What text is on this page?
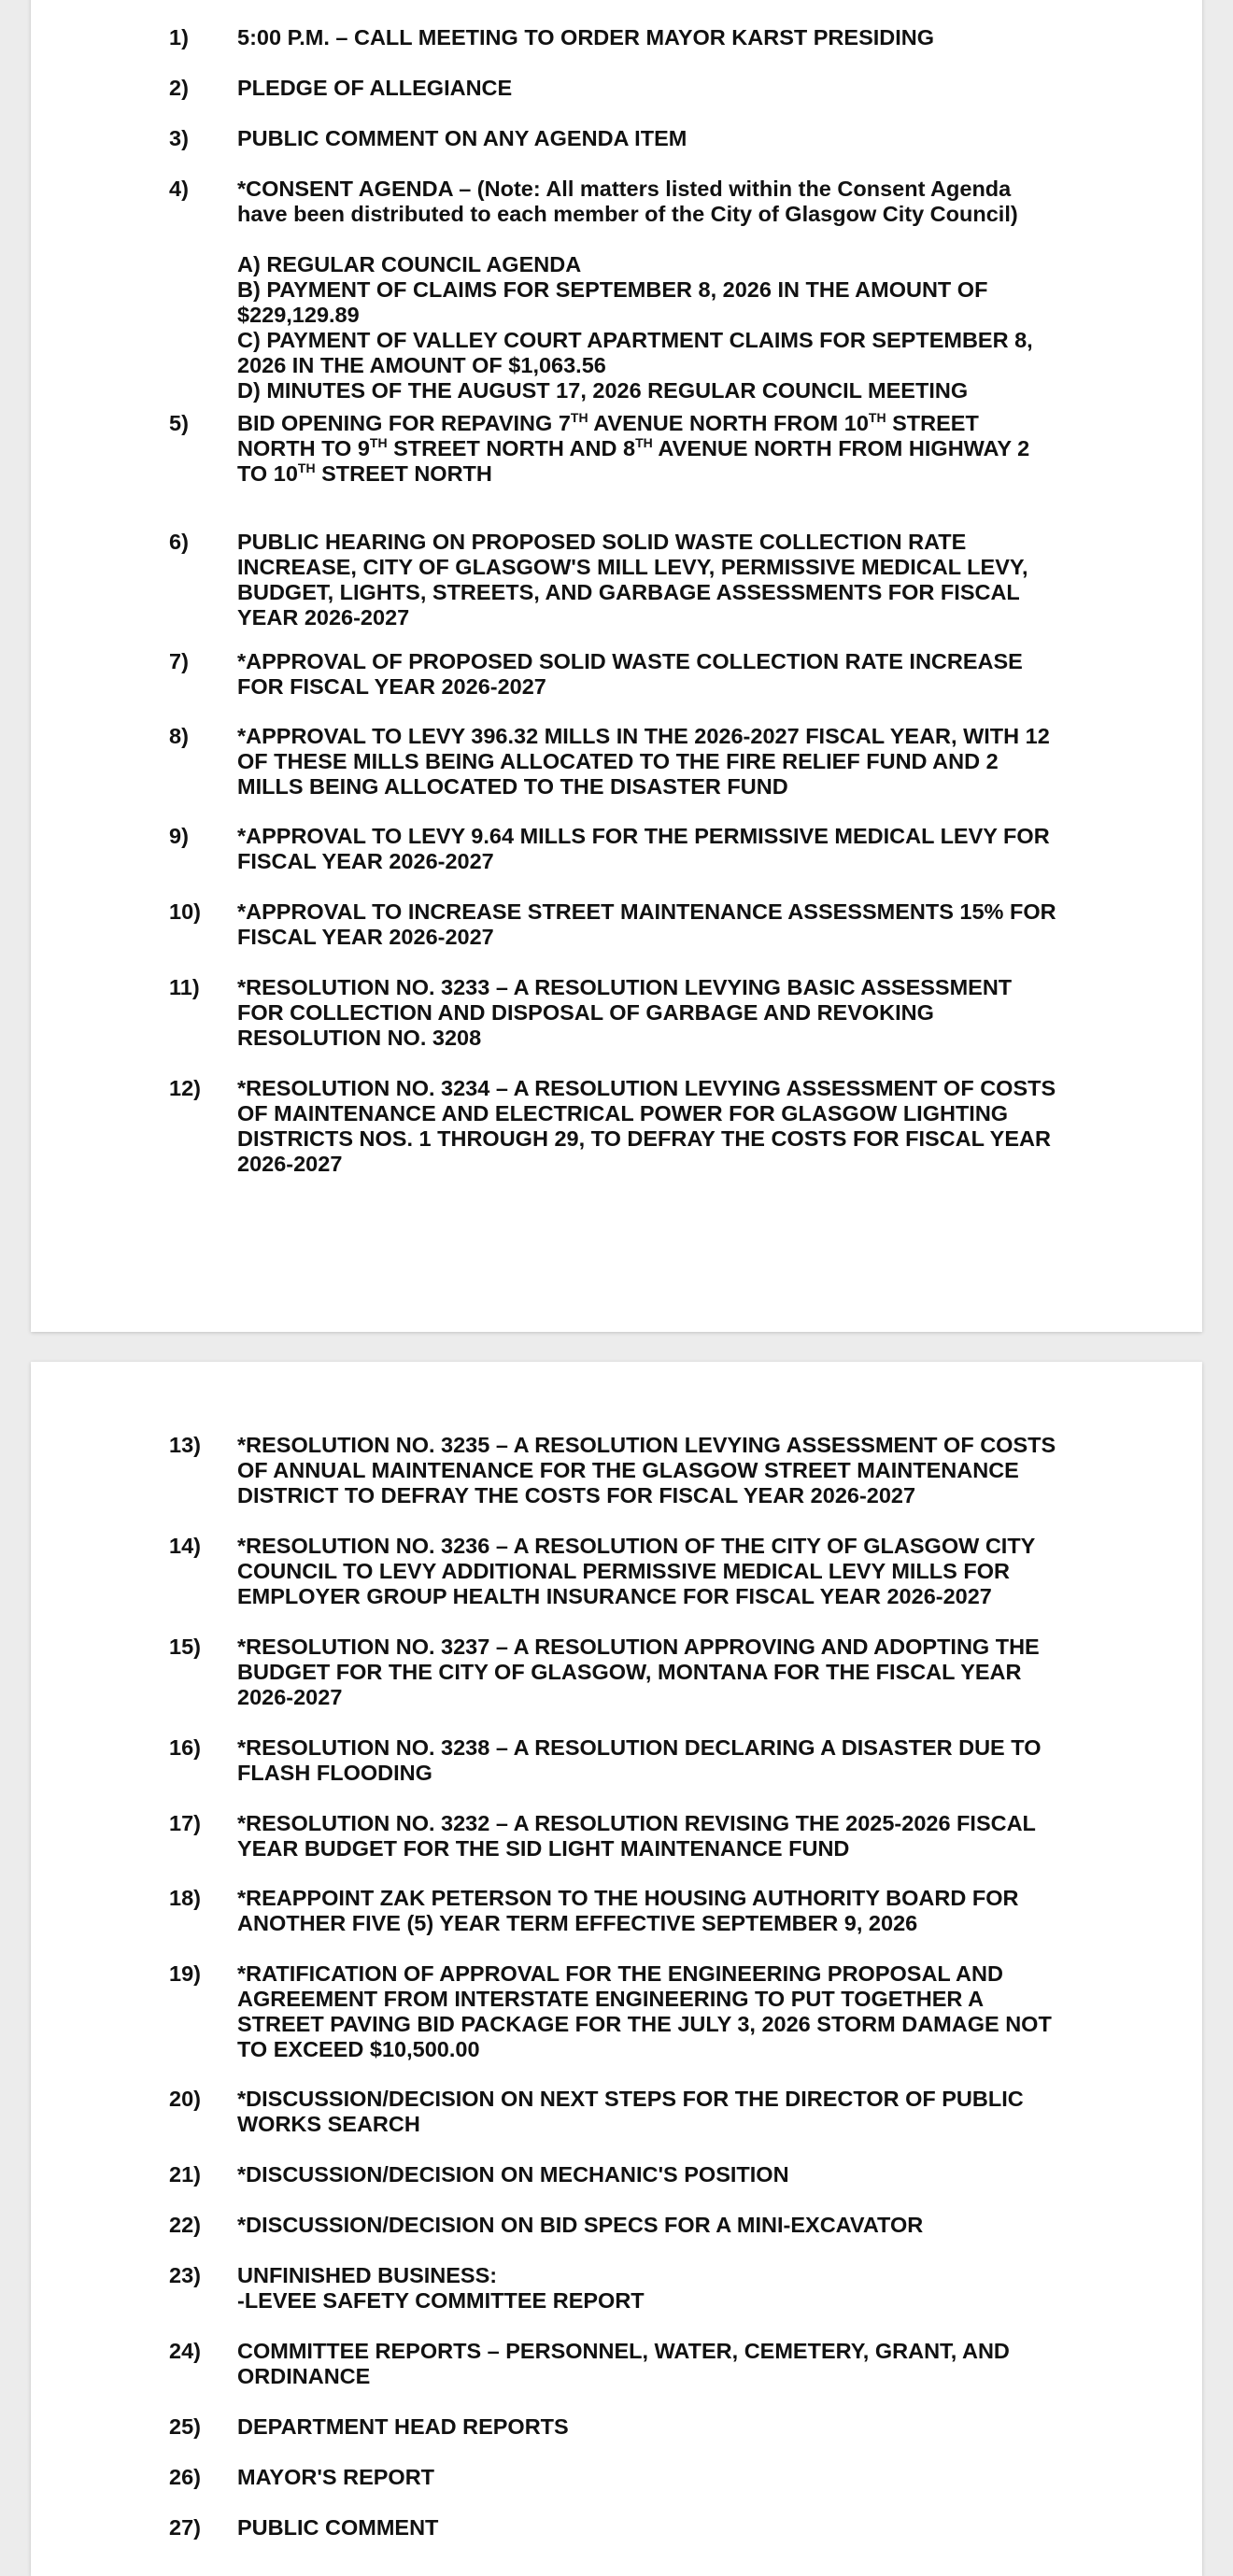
1) 5:00 P.M. – CALL MEETING TO ORDER MAYOR KARST PRESIDING
2) PLEDGE OF ALLEGIANCE
3) PUBLIC COMMENT ON ANY AGENDA ITEM
4) *CONSENT AGENDA – (Note: All matters listed within the Consent Agenda
have been distributed to each member of the City of Glasgow City Council)
A) REGULAR COUNCIL AGENDA
B) PAYMENT OF CLAIMS FOR SEPTEMBER 8, 2026 IN THE AMOUNT OF
$229,129.89
C) PAYMENT OF VALLEY COURT APARTMENT CLAIMS FOR SEPTEMBER 8,
2026 IN THE AMOUNT OF $1,063.56
D) MINUTES OF THE AUGUST 17, 2026 REGULAR COUNCIL MEETING
5) BID OPENING FOR REPAVING 7TH AVENUE NORTH FROM 10TH STREET
NORTH TO 9TH STREET NORTH AND 8TH AVENUE NORTH FROM HIGHWAY 2
TO 10TH STREET NORTH
6) PUBLIC HEARING ON PROPOSED SOLID WASTE COLLECTION RATE
INCREASE, CITY OF GLASGOW'S MILL LEVY, PERMISSIVE MEDICAL LEVY,
BUDGET, LIGHTS, STREETS, AND GARBAGE ASSESSMENTS FOR FISCAL
YEAR 2026-2027
7) *APPROVAL OF PROPOSED SOLID WASTE COLLECTION RATE INCREASE
FOR FISCAL YEAR 2026-2027
8) *APPROVAL TO LEVY 396.32 MILLS IN THE 2026-2027 FISCAL YEAR, WITH 12
OF THESE MILLS BEING ALLOCATED TO THE FIRE RELIEF FUND AND 2
MILLS BEING ALLOCATED TO THE DISASTER FUND
9) *APPROVAL TO LEVY 9.64 MILLS FOR THE PERMISSIVE MEDICAL LEVY FOR
FISCAL YEAR 2026-2027
10) *APPROVAL TO INCREASE STREET MAINTENANCE ASSESSMENTS 15% FOR
FISCAL YEAR 2026-2027
11) *RESOLUTION NO. 3233 – A RESOLUTION LEVYING BASIC ASSESSMENT
FOR COLLECTION AND DISPOSAL OF GARBAGE AND REVOKING
RESOLUTION NO. 3208
12) *RESOLUTION NO. 3234 – A RESOLUTION LEVYING ASSESSMENT OF COSTS
OF MAINTENANCE AND ELECTRICAL POWER FOR GLASGOW LIGHTING
DISTRICTS NOS. 1 THROUGH 29, TO DEFRAY THE COSTS FOR FISCAL YEAR
2026-2027
13) *RESOLUTION NO. 3235 – A RESOLUTION LEVYING ASSESSMENT OF COSTS
OF ANNUAL MAINTENANCE FOR THE GLASGOW STREET MAINTENANCE
DISTRICT TO DEFRAY THE COSTS FOR FISCAL YEAR 2026-2027
14) *RESOLUTION NO. 3236 – A RESOLUTION OF THE CITY OF GLASGOW CITY
COUNCIL TO LEVY ADDITIONAL PERMISSIVE MEDICAL LEVY MILLS FOR
EMPLOYER GROUP HEALTH INSURANCE FOR FISCAL YEAR 2026-2027
15) *RESOLUTION NO. 3237 – A RESOLUTION APPROVING AND ADOPTING THE
BUDGET FOR THE CITY OF GLASGOW, MONTANA FOR THE FISCAL YEAR
2026-2027
16) *RESOLUTION NO. 3238 – A RESOLUTION DECLARING A DISASTER DUE TO
FLASH FLOODING
17) *RESOLUTION NO. 3232 – A RESOLUTION REVISING THE 2025-2026 FISCAL
YEAR BUDGET FOR THE SID LIGHT MAINTENANCE FUND
18) *REAPPOINT ZAK PETERSON TO THE HOUSING AUTHORITY BOARD FOR
ANOTHER FIVE (5) YEAR TERM EFFECTIVE SEPTEMBER 9, 2026
19) *RATIFICATION OF APPROVAL FOR THE ENGINEERING PROPOSAL AND
AGREEMENT FROM INTERSTATE ENGINEERING TO PUT TOGETHER A
STREET PAVING BID PACKAGE FOR THE JULY 3, 2026 STORM DAMAGE NOT
TO EXCEED $10,500.00
20) *DISCUSSION/DECISION ON NEXT STEPS FOR THE DIRECTOR OF PUBLIC
WORKS SEARCH
21) *DISCUSSION/DECISION ON MECHANIC'S POSITION
22) *DISCUSSION/DECISION ON BID SPECS FOR A MINI-EXCAVATOR
23) UNFINISHED BUSINESS:
-LEVEE SAFETY COMMITTEE REPORT
24) COMMITTEE REPORTS – PERSONNEL, WATER, CEMETERY, GRANT, AND
ORDINANCE
25) DEPARTMENT HEAD REPORTS
26) MAYOR'S REPORT
27) PUBLIC COMMENT
